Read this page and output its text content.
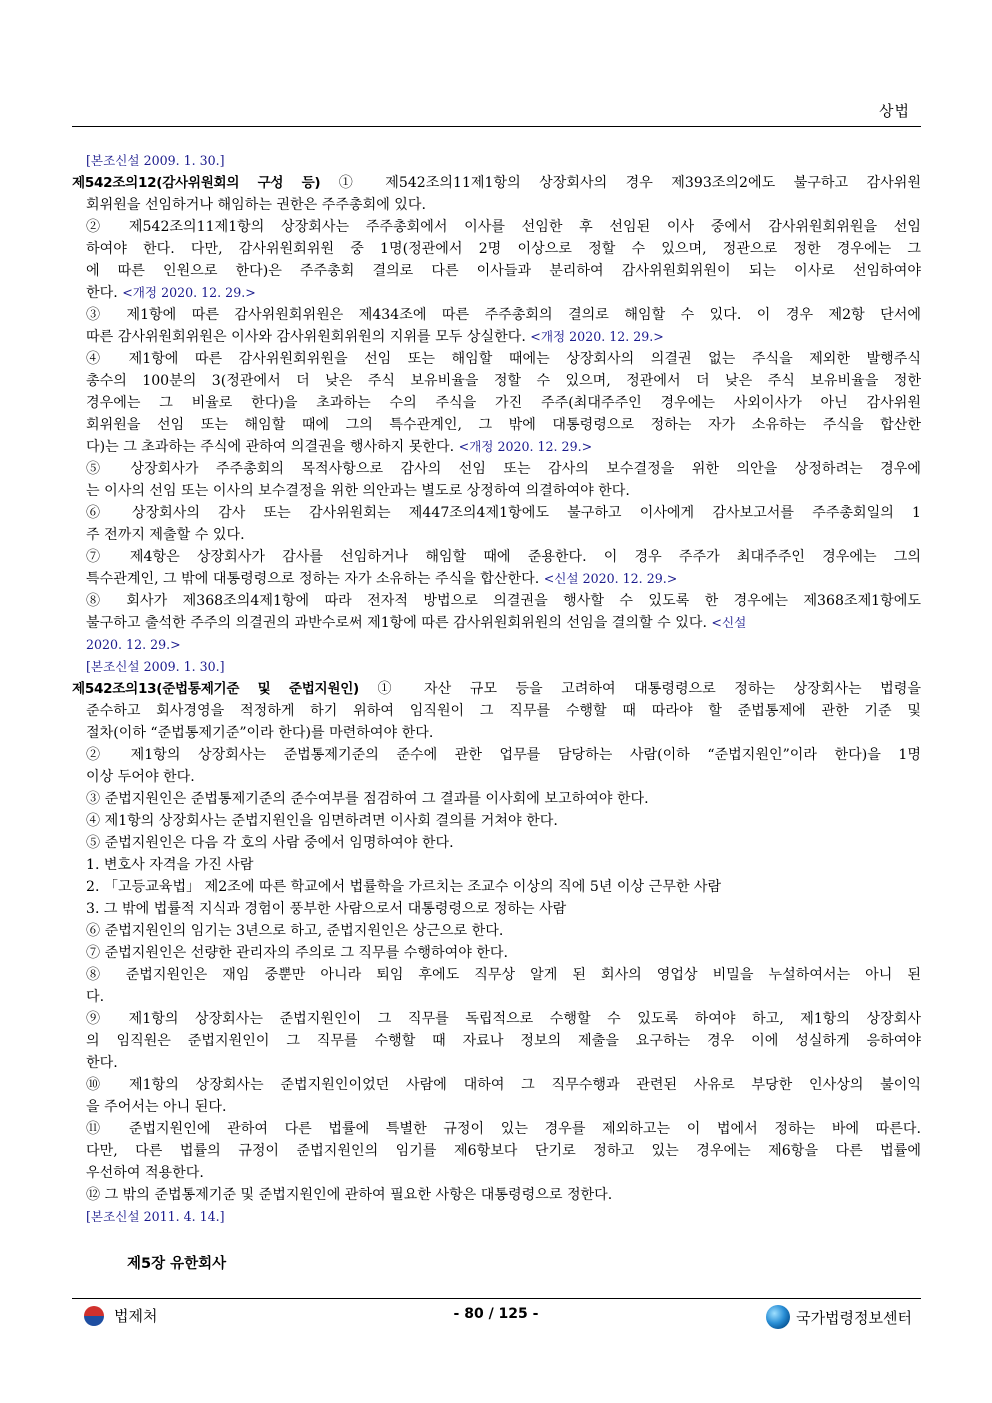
상법
[본조신설 2009. 1. 30.]
제542조의12(감사위원회의 구성 등) ① 제542조의11제1항의 상장회사의 경우 제393조의2에도 불구하고 감사위원
회위원을 선임하거나 해임하는 권한은 주주총회에 있다.
② 제542조의11제1항의 상장회사는 주주총회에서 이사를 선임한 후 선임된 이사 중에서 감사위원회위원을 선임
하여야 한다. 다만, 감사위원회위원 중 1명(정관에서 2명 이상으로 정할 수 있으며, 정관으로 정한 경우에는 그
에 따른 인원으로 한다)은 주주총회 결의로 다른 이사들과 분리하여 감사위원회위원이 되는 이사로 선임하여야
한다. <개정 2020. 12. 29.>
③ 제1항에 따른 감사위원회위원은 제434조에 따른 주주총회의 결의로 해임할 수 있다. 이 경우 제2항 단서에
따른 감사위원회위원은 이사와 감사위원회위원의 지위를 모두 상실한다. <개정 2020. 12. 29.>
④ 제1항에 따른 감사위원회위원을 선임 또는 해임할 때에는 상장회사의 의결권 없는 주식을 제외한 발행주식
총수의 100분의 3(정관에서 더 낮은 주식 보유비율을 정할 수 있으며, 정관에서 더 낮은 주식 보유비율을 정한
경우에는 그 비율로 한다)을 초과하는 수의 주식을 가진 주주(최대주주인 경우에는 사외이사가 아닌 감사위원
회위원을 선임 또는 해임할 때에 그의 특수관계인, 그 밖에 대통령령으로 정하는 자가 소유하는 주식을 합산한
다)는 그 초과하는 주식에 관하여 의결권을 행사하지 못한다. <개정 2020. 12. 29.>
⑤ 상장회사가 주주총회의 목적사항으로 감사의 선임 또는 감사의 보수결정을 위한 의안을 상정하려는 경우에
는 이사의 선임 또는 이사의 보수결정을 위한 의안과는 별도로 상정하여 의결하여야 한다.
⑥ 상장회사의 감사 또는 감사위원회는 제447조의4제1항에도 불구하고 이사에게 감사보고서를 주주총회일의 1
주 전까지 제출할 수 있다.
⑦ 제4항은 상장회사가 감사를 선임하거나 해임할 때에 준용한다. 이 경우 주주가 최대주주인 경우에는 그의
특수관계인, 그 밖에 대통령령으로 정하는 자가 소유하는 주식을 합산한다. <신설 2020. 12. 29.>
⑧ 회사가 제368조의4제1항에 따라 전자적 방법으로 의결권을 행사할 수 있도록 한 경우에는 제368조제1항에도
불구하고 출석한 주주의 의결권의 과반수로써 제1항에 따른 감사위원회위원의 선임을 결의할 수 있다. <신설
2020. 12. 29.>
[본조신설 2009. 1. 30.]
제542조의13(준법통제기준 및 준법지원인) ① 자산 규모 등을 고려하여 대통령령으로 정하는 상장회사는 법령을
준수하고 회사경영을 적정하게 하기 위하여 임직원이 그 직무를 수행할 때 따라야 할 준법통제에 관한 기준 및
절차(이하 “준법통제기준”이라 한다)를 마련하여야 한다.
② 제1항의 상장회사는 준법통제기준의 준수에 관한 업무를 담당하는 사람(이하 “준법지원인”이라 한다)을 1명
이상 두어야 한다.
③ 준법지원인은 준법통제기준의 준수여부를 점검하여 그 결과를 이사회에 보고하여야 한다.
④ 제1항의 상장회사는 준법지원인을 임면하려면 이사회 결의를 거쳐야 한다.
⑤ 준법지원인은 다음 각 호의 사람 중에서 임명하여야 한다.
1. 변호사 자격을 가진 사람
2. 「고등교육법」 제2조에 따른 학교에서 법률학을 가르치는 조교수 이상의 직에 5년 이상 근무한 사람
3. 그 밖에 법률적 지식과 경험이 풍부한 사람으로서 대통령령으로 정하는 사람
⑥ 준법지원인의 임기는 3년으로 하고, 준법지원인은 상근으로 한다.
⑦ 준법지원인은 선량한 관리자의 주의로 그 직무를 수행하여야 한다.
⑧ 준법지원인은 재임 중뿐만 아니라 퇴임 후에도 직무상 알게 된 회사의 영업상 비밀을 누설하여서는 아니 된
다.
⑨ 제1항의 상장회사는 준법지원인이 그 직무를 독립적으로 수행할 수 있도록 하여야 하고, 제1항의 상장회사
의 임직원은 준법지원인이 그 직무를 수행할 때 자료나 정보의 제출을 요구하는 경우 이에 성실하게 응하여야
한다.
⑩ 제1항의 상장회사는 준법지원인이었던 사람에 대하여 그 직무수행과 관련된 사유로 부당한 인사상의 불이익
을 주어서는 아니 된다.
⑪ 준법지원인에 관하여 다른 법률에 특별한 규정이 있는 경우를 제외하고는 이 법에서 정하는 바에 따른다.
다만, 다른 법률의 규정이 준법지원인의 임기를 제6항보다 단기로 정하고 있는 경우에는 제6항을 다른 법률에
우선하여 적용한다.
⑫ 그 밖의 준법통제기준 및 준법지원인에 관하여 필요한 사항은 대통령령으로 정한다.
[본조신설 2011. 4. 14.]
제5장 유한회사
법제처	- 80 / 125 -	국가법령정보센터
